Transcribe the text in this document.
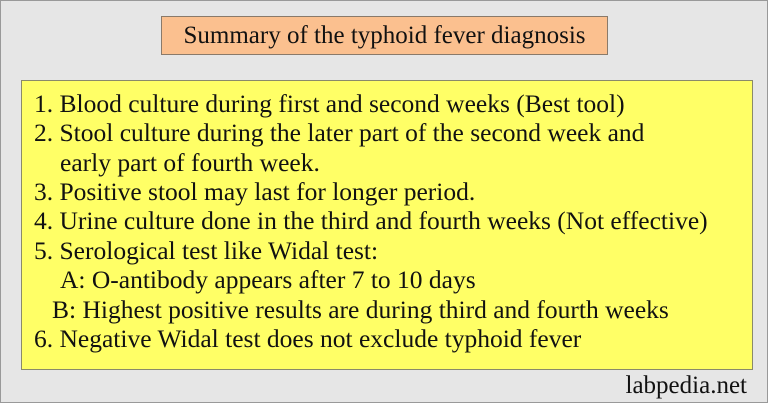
Summary of the typhoid fever diagnosis
1. Blood culture during first and second weeks (Best tool)
2. Stool culture during the later part of the second week and
early part of fourth week.
3. Positive stool may last for longer period.
4. Urine culture done in the third and fourth weeks (Not effective)
5. Serological test like Widal test:
A: O-antibody appears after 7 to 10 days
B: Highest positive results are during third and fourth weeks
6. Negative Widal test does not exclude typhoid fever
labpedia.net
